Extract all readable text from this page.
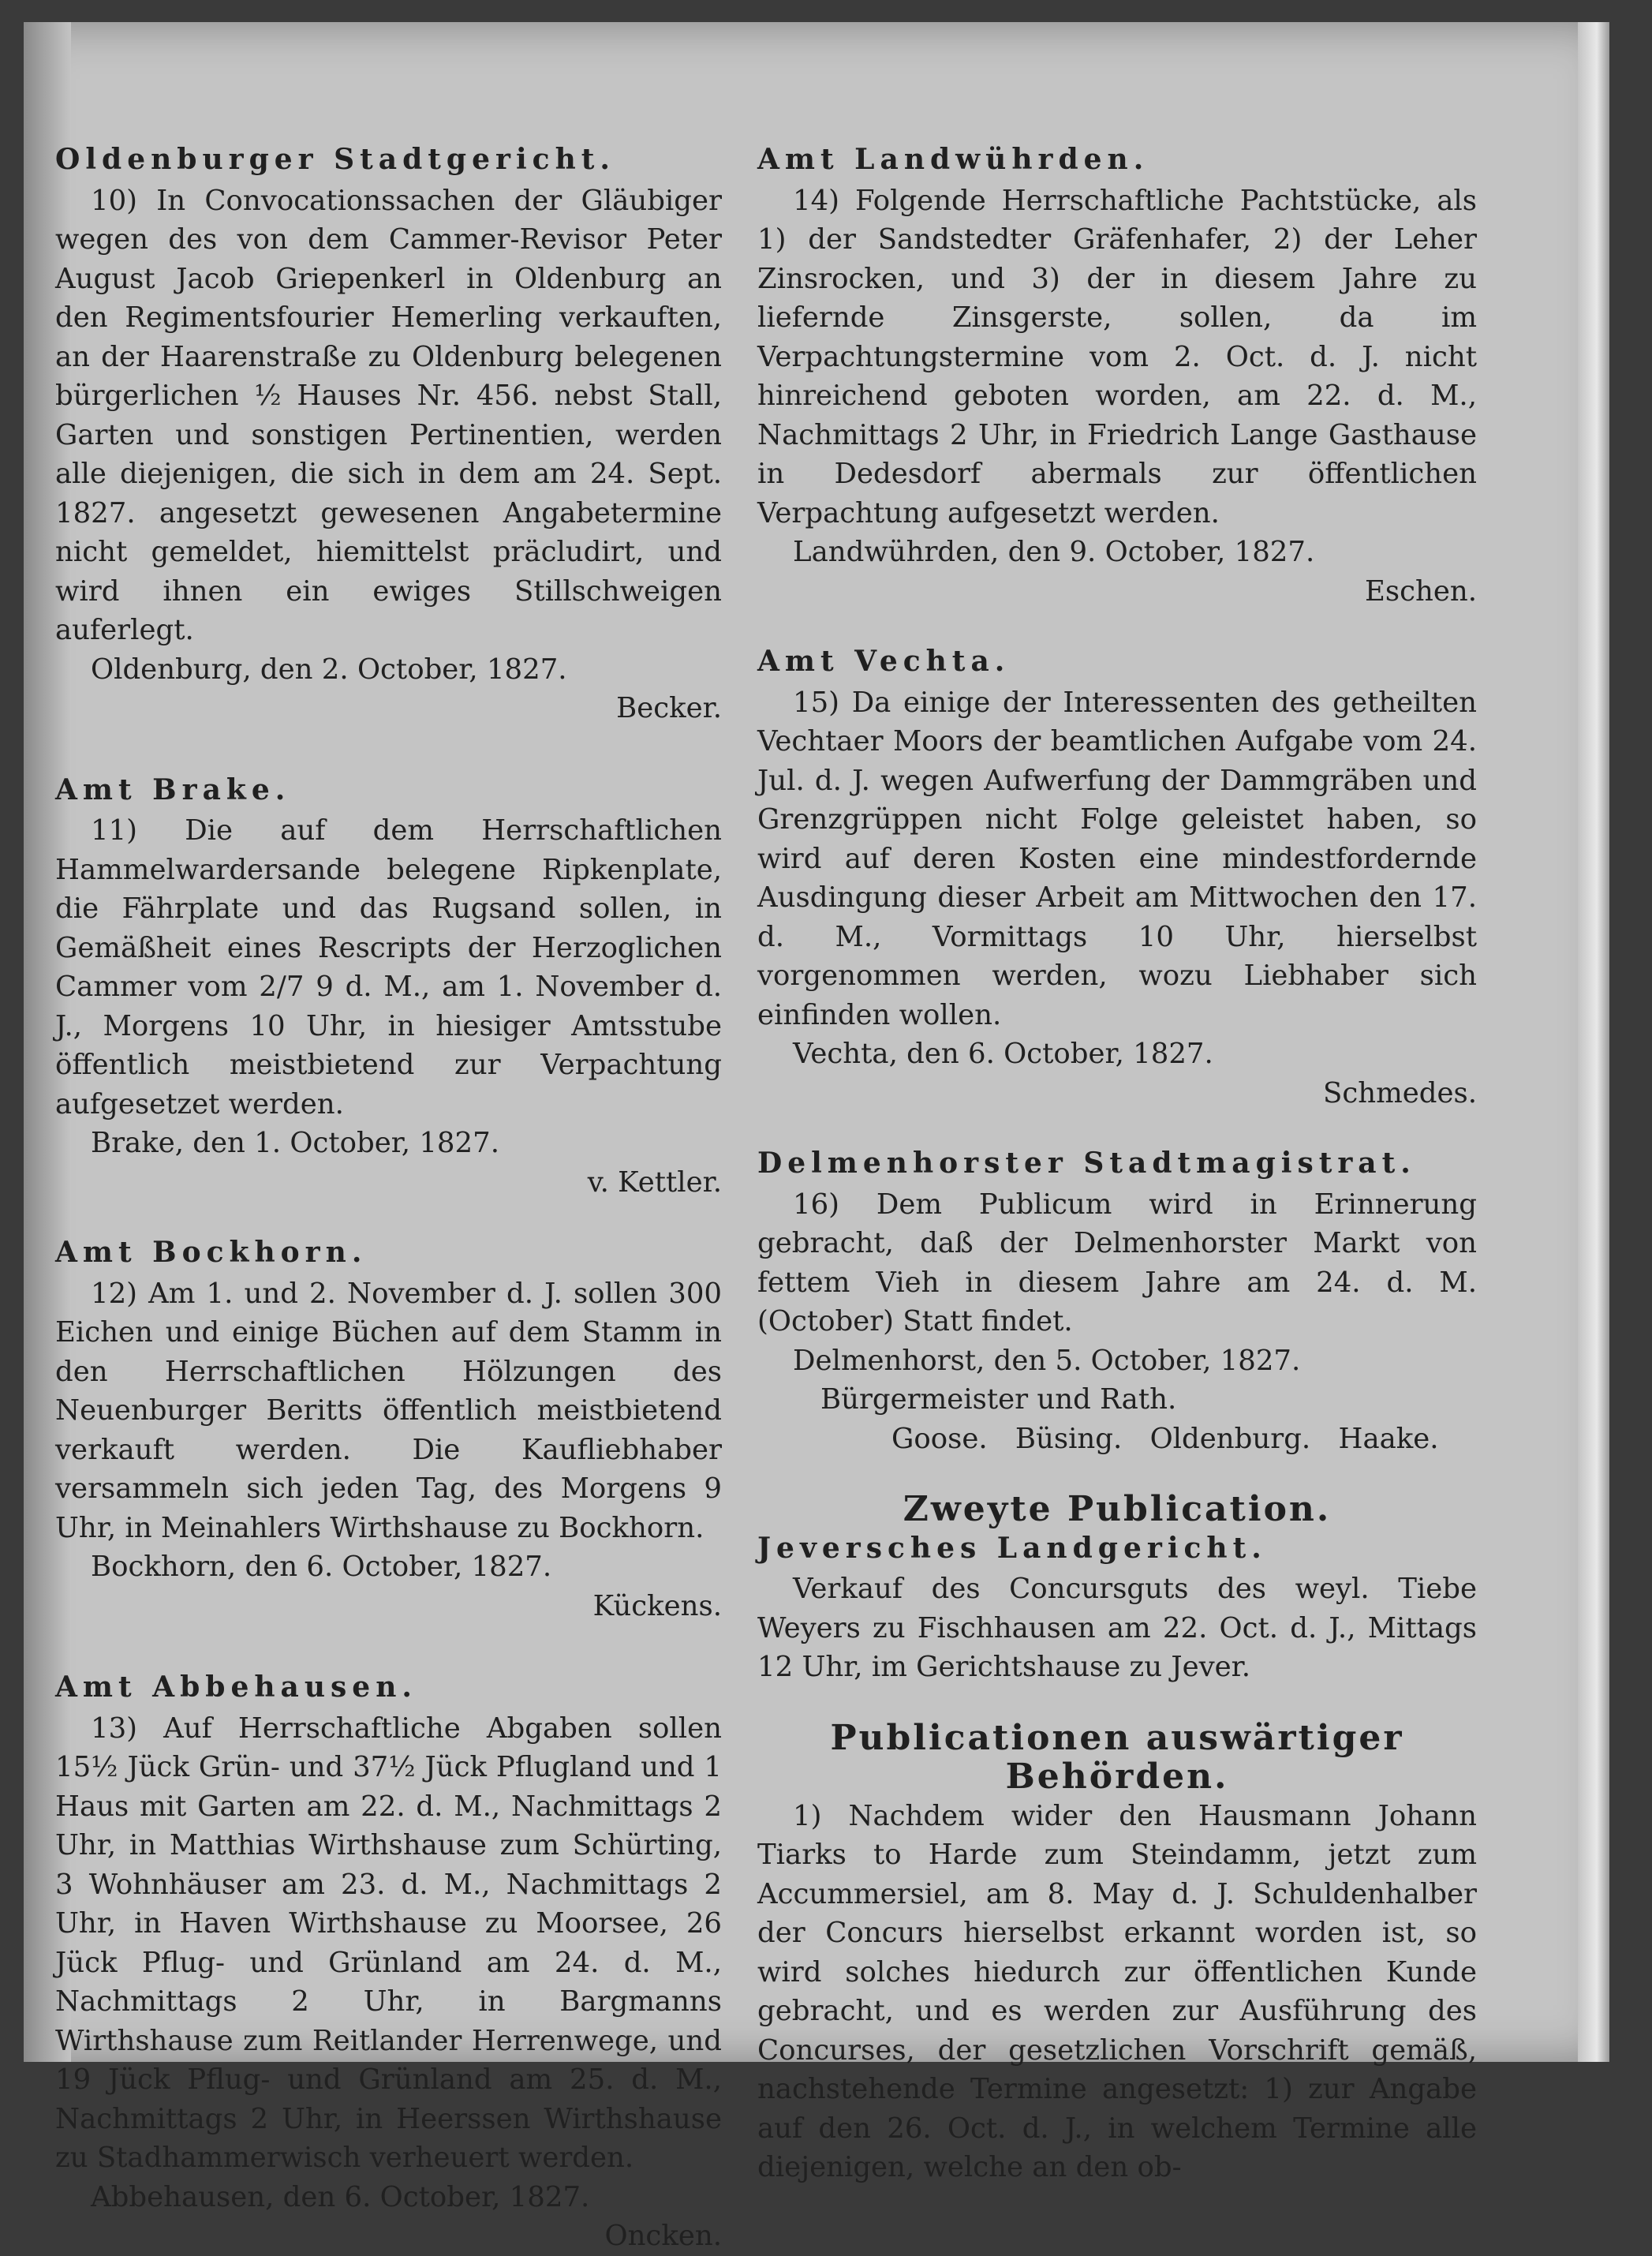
Oldenburger Stadtgericht.

10) In Convocationssachen der Gläubiger wegen des von dem Cammer-Revisor Peter August Jacob Griepenkerl in Oldenburg an den Regimentsfourier Hemerling verkauften, an der Haarenstraße zu Oldenburg belegenen bürgerlichen ½ Hauses Nr. 456. nebst Stall, Garten und sonstigen Pertinentien, werden alle diejenigen, die sich in dem am 24. Sept. 1827. angesetzt gewesenen Angabetermine nicht gemeldet, hiemittelst präcludirt, und wird ihnen ein ewiges Stillschweigen auferlegt.

Oldenburg, den 2. October, 1827.

Becker.

Amt Brake.

11) Die auf dem Herrschaftlichen Hammelwardersande belegene Ripkenplate, die Fährplate und das Rugsand sollen, in Gemäßheit eines Rescripts der Herzoglichen Cammer vom 2/7 9 d. M., am 1. November d. J., Morgens 10 Uhr, in hiesiger Amtsstube öffentlich meistbietend zur Verpachtung aufgesetzet werden.

Brake, den 1. October, 1827.

v. Kettler.

Amt Bockhorn.

12) Am 1. und 2. November d. J. sollen 300 Eichen und einige Büchen auf dem Stamm in den Herrschaftlichen Hölzungen des Neuenburger Beritts öffentlich meistbietend verkauft werden. Die Kaufliebhaber versammeln sich jeden Tag, des Morgens 9 Uhr, in Meinahlers Wirthshause zu Bockhorn.

Bockhorn, den 6. October, 1827.

Kückens.

Amt Abbehausen.

13) Auf Herrschaftliche Abgaben sollen 15½ Jück Grün- und 37½ Jück Pflugland und 1 Haus mit Garten am 22. d. M., Nachmittags 2 Uhr, in Matthias Wirthshause zum Schürting, 3 Wohnhäuser am 23. d. M., Nachmittags 2 Uhr, in Haven Wirthshause zu Moorsee, 26 Jück Pflug- und Grünland am 24. d. M., Nachmittags 2 Uhr, in Bargmanns Wirthshause zum Reitlander Herrenwege, und 19 Jück Pflug- und Grünland am 25. d. M., Nachmittags 2 Uhr, in Heerssen Wirthshause zu Stadhammerwisch verheuert werden.

Abbehausen, den 6. October, 1827.

Oncken.

Amt Landwührden.

14) Folgende Herrschaftliche Pachtstücke, als 1) der Sandstedter Gräfenhafer, 2) der Leher Zinsrocken, und 3) der in diesem Jahre zu liefernde Zinsgerste, sollen, da im Verpachtungstermine vom 2. Oct. d. J. nicht hinreichend geboten worden, am 22. d. M., Nachmittags 2 Uhr, in Friedrich Lange Gasthause in Dedesdorf abermals zur öffentlichen Verpachtung aufgesetzt werden.

Landwührden, den 9. October, 1827.

Eschen.

Amt Vechta.

15) Da einige der Interessenten des getheilten Vechtaer Moors der beamtlichen Aufgabe vom 24. Jul. d. J. wegen Aufwerfung der Dammgräben und Grenzgrüppen nicht Folge geleistet haben, so wird auf deren Kosten eine mindestfordernde Ausdingung dieser Arbeit am Mittwochen den 17. d. M., Vormittags 10 Uhr, hierselbst vorgenommen werden, wozu Liebhaber sich einfinden wollen.

Vechta, den 6. October, 1827.

Schmedes.

Delmenhorster Stadtmagistrat.

16) Dem Publicum wird in Erinnerung gebracht, daß der Delmenhorster Markt von fettem Vieh in diesem Jahre am 24. d. M. (October) Statt findet.

Delmenhorst, den 5. October, 1827.

Bürgermeister und Rath.

Goose. Büsing. Oldenburg. Haake.

Zweyte Publication.

Jeversches Landgericht.

Verkauf des Concursguts des weyl. Tiebe Weyers zu Fischhausen am 22. Oct. d. J., Mittags 12 Uhr, im Gerichtshause zu Jever.

Publicationen auswärtiger Behörden.

1) Nachdem wider den Hausmann Johann Tiarks to Harde zum Steindamm, jetzt zum Accummersiel, am 8. May d. J. Schuldenhalber der Concurs hierselbst erkannt worden ist, so wird solches hiedurch zur öffentlichen Kunde gebracht, und es werden zur Ausführung des Concurses, der gesetzlichen Vorschrift gemäß, nachstehende Termine angesetzt: 1) zur Angabe auf den 26. Oct. d. J., in welchem Termine alle diejenigen, welche an den ob-
